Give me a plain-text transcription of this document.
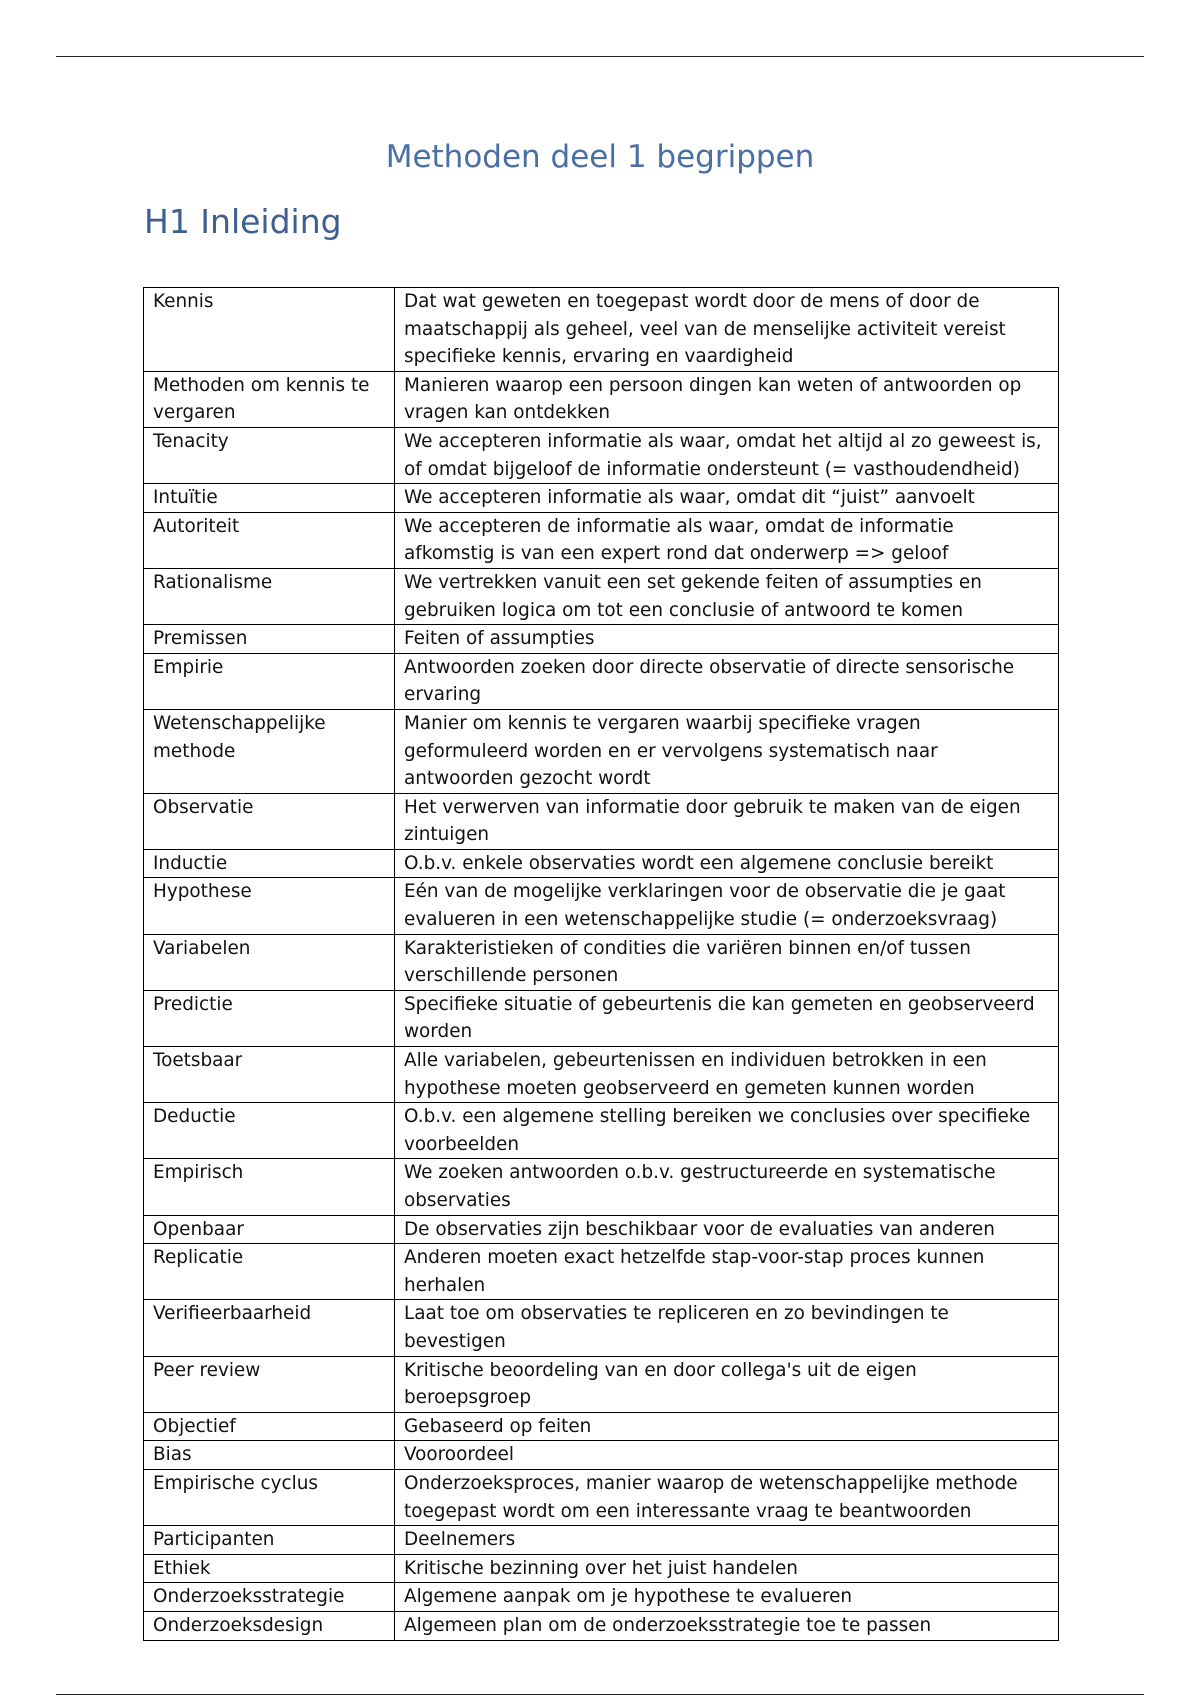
Methoden deel 1 begrippen
H1 Inleiding
Kennis	Dat wat geweten en toegepast wordt door de mens of door de maatschappij als geheel, veel van de menselijke activiteit vereist specifieke kennis, ervaring en vaardigheid
Methoden om kennis te vergaren	Manieren waarop een persoon dingen kan weten of antwoorden op vragen kan ontdekken
Tenacity	We accepteren informatie als waar, omdat het altijd al zo geweest is, of omdat bijgeloof de informatie ondersteunt (= vasthoudendheid)
Intuïtie	We accepteren informatie als waar, omdat dit “juist” aanvoelt
Autoriteit	We accepteren de informatie als waar, omdat de informatie afkomstig is van een expert rond dat onderwerp => geloof
Rationalisme	We vertrekken vanuit een set gekende feiten of assumpties en gebruiken logica om tot een conclusie of antwoord te komen
Premissen	Feiten of assumpties
Empirie	Antwoorden zoeken door directe observatie of directe sensorische ervaring
Wetenschappelijke methode	Manier om kennis te vergaren waarbij specifieke vragen geformuleerd worden en er vervolgens systematisch naar antwoorden gezocht wordt
Observatie	Het verwerven van informatie door gebruik te maken van de eigen zintuigen
Inductie	O.b.v. enkele observaties wordt een algemene conclusie bereikt
Hypothese	Eén van de mogelijke verklaringen voor de observatie die je gaat evalueren in een wetenschappelijke studie (= onderzoeksvraag)
Variabelen	Karakteristieken of condities die variëren binnen en/of tussen verschillende personen
Predictie	Specifieke situatie of gebeurtenis die kan gemeten en geobserveerd worden
Toetsbaar	Alle variabelen, gebeurtenissen en individuen betrokken in een hypothese moeten geobserveerd en gemeten kunnen worden
Deductie	O.b.v. een algemene stelling bereiken we conclusies over specifieke voorbeelden
Empirisch	We zoeken antwoorden o.b.v. gestructureerde en systematische observaties
Openbaar	De observaties zijn beschikbaar voor de evaluaties van anderen
Replicatie	Anderen moeten exact hetzelfde stap-voor-stap proces kunnen herhalen
Verifieerbaarheid	Laat toe om observaties te repliceren en zo bevindingen te bevestigen
Peer review	Kritische beoordeling van en door collega's uit de eigen beroepsgroep
Objectief	Gebaseerd op feiten
Bias	Vooroordeel
Empirische cyclus	Onderzoeksproces, manier waarop de wetenschappelijke methode toegepast wordt om een interessante vraag te beantwoorden
Participanten	Deelnemers
Ethiek	Kritische bezinning over het juist handelen
Onderzoeksstrategie	Algemene aanpak om je hypothese te evalueren
Onderzoeksdesign	Algemeen plan om de onderzoeksstrategie toe te passen
